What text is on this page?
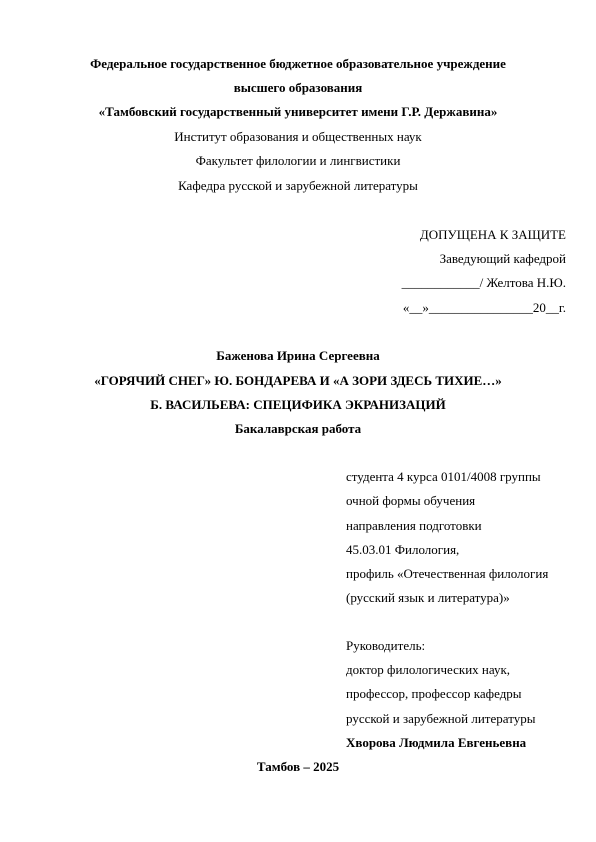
Федеральное государственное бюджетное образовательное учреждение
высшего образования
«Тамбовский государственный университет имени Г.Р. Державина»
Институт образования и общественных наук
Факультет филологии и лингвистики
Кафедра русской и зарубежной литературы
ДОПУЩЕНА К ЗАЩИТЕ
Заведующий кафедрой
____________/ Желтова Н.Ю.
«__»________________20__г.
Баженова Ирина Сергеевна
«ГОРЯЧИЙ СНЕГ» Ю. БОНДАРЕВА И «А ЗОРИ ЗДЕСЬ ТИХИЕ…»
Б. ВАСИЛЬЕВА: СПЕЦИФИКА ЭКРАНИЗАЦИЙ
Бакалаврская работа
студента 4 курса 0101/4008 группы
очной формы обучения
направления подготовки
45.03.01 Филология,
профиль «Отечественная филология
(русский язык и литература)»
Руководитель:
доктор филологических наук,
профессор, профессор кафедры
русской и зарубежной литературы
Хворова Людмила Евгеньевна
Тамбов – 2025
